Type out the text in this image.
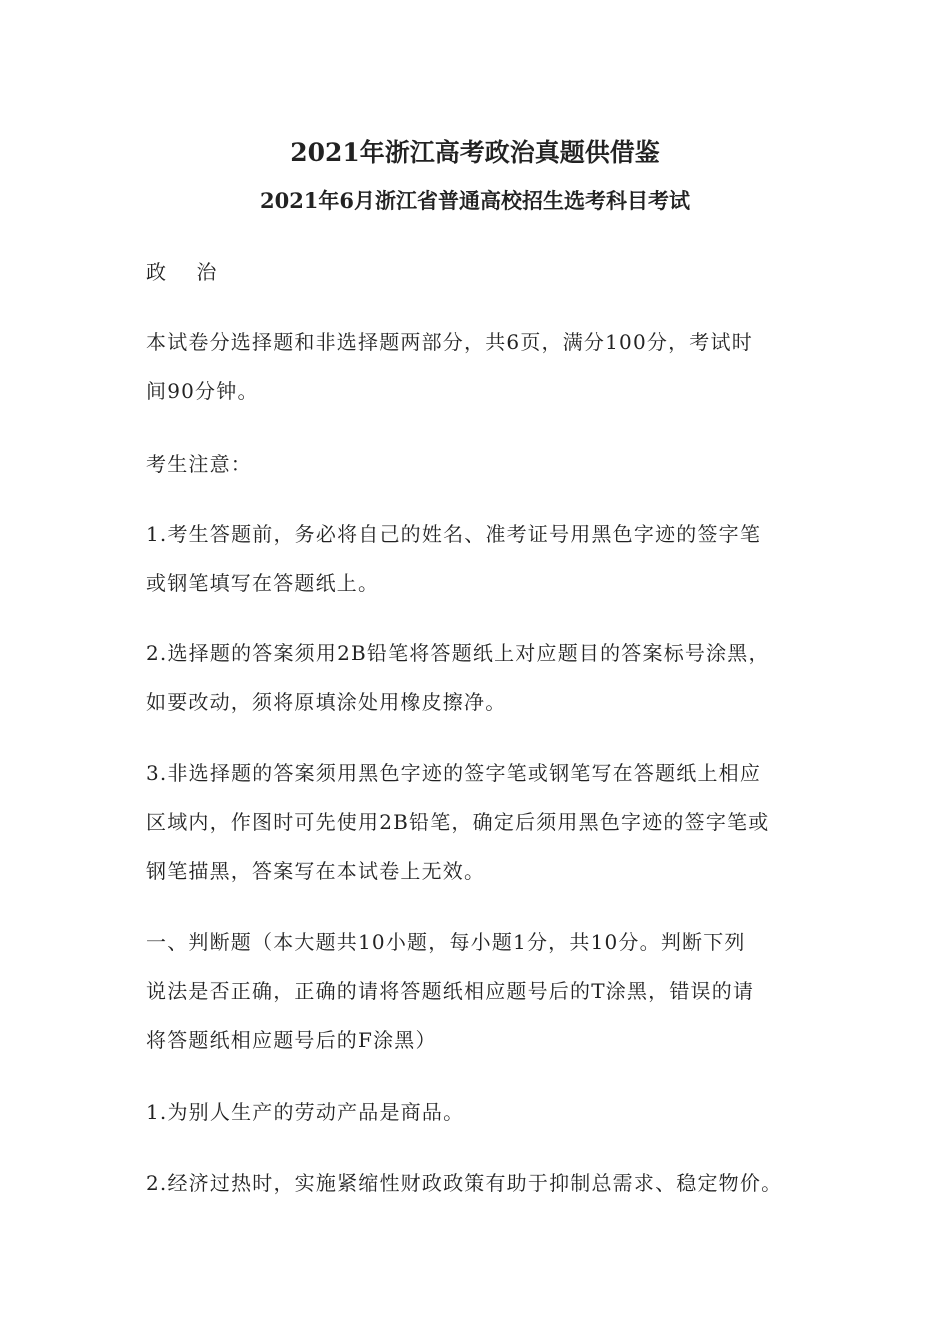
2021年浙江高考政治真题供借鉴
2021年6月浙江省普通高校招生选考科目考试
政 治
本试卷分选择题和非选择题两部分，共6页，满分100分，考试时
间90分钟。
考生注意：
1.考生答题前，务必将自己的姓名、准考证号用黑色字迹的签字笔
或钢笔填写在答题纸上。
2.选择题的答案须用2B铅笔将答题纸上对应题目的答案标号涂黑，
如要改动，须将原填涂处用橡皮擦净。
3.非选择题的答案须用黑色字迹的签字笔或钢笔写在答题纸上相应
区域内，作图时可先使用2B铅笔，确定后须用黑色字迹的签字笔或
钢笔描黑，答案写在本试卷上无效。
一、判断题（本大题共10小题，每小题1分，共10分。判断下列
说法是否正确，正确的请将答题纸相应题号后的T涂黑，错误的请
将答题纸相应题号后的F涂黑）
1.为别人生产的劳动产品是商品。
2.经济过热时，实施紧缩性财政政策有助于抑制总需求、稳定物价。
